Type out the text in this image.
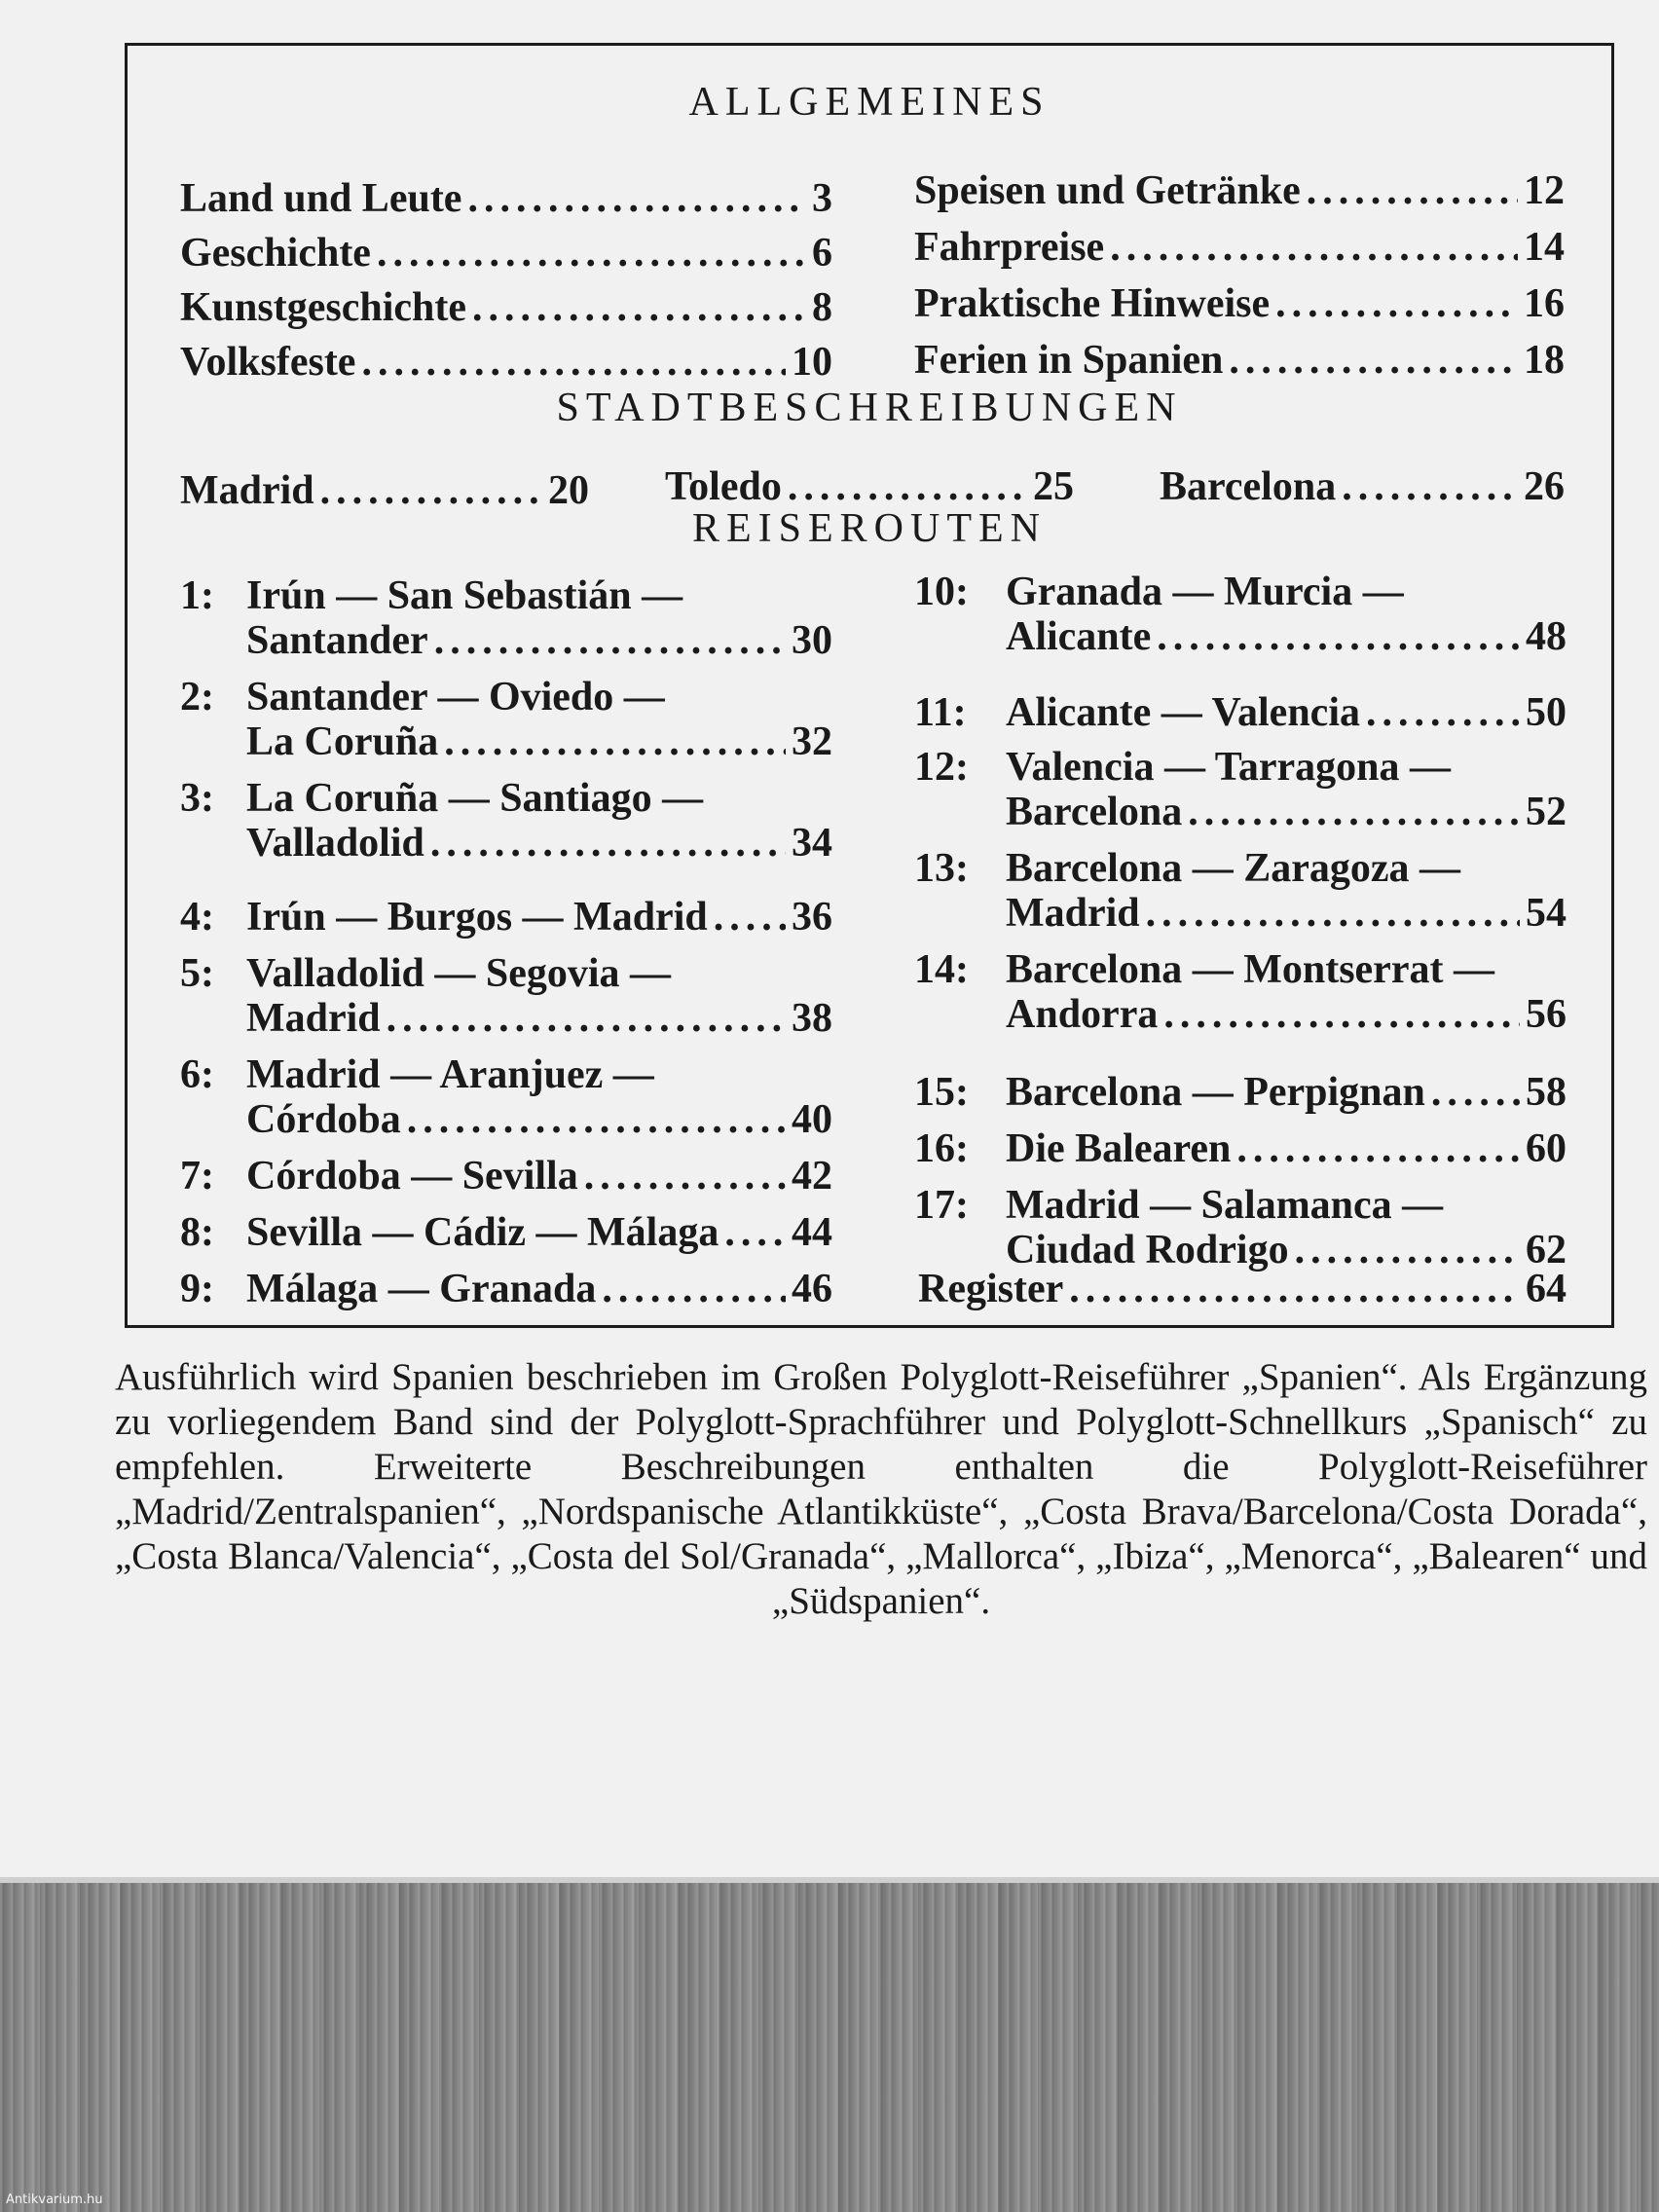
Antikvarium.hu
ALLGEMEINES
Land und Leute .....	3
Geschichte .....	6
Kunstgeschichte .....	8
Volksfeste .....	10
Speisen und Getränke .....	12
Fahrpreise .....	14
Praktische Hinweise .....	16
Ferien in Spanien .....	18
STADTBESCHREIBUNGEN
Madrid .....	20 Toledo .....	25 Barcelona .....	26
REISEROUTEN
1: Irún — San Sebastián —
Santander .....	30
2: Santander — Oviedo —
La Coruña .....	32
3: La Coruña — Santiago —
Valladolid .....	34
4: Irún — Burgos — Madrid ..... 36
5: Valladolid — Segovia —
Madrid .....	38
6: Madrid — Aranjuez —
Córdoba .....	40
7: Córdoba — Sevilla .....	42
8: Sevilla — Cádiz — Málaga ..... 44
9: Málaga — Granada .....	46
10: Granada — Murcia —
Alicante .....	48
11: Alicante — Valencia .....	50
12: Valencia — Tarragona —
Barcelona .....	52
13: Barcelona — Zaragoza —
Madrid .....	54
14: Barcelona — Montserrat —
Andorra .....	56
15: Barcelona — Perpignan ..... 58
16: Die Balearen .....	60
17: Madrid — Salamanca —
Ciudad Rodrigo .....	62
Register .....	64
Ausführlich wird Spanien beschrieben im Großen Polyglott-Reiseführer „Spanien“. Als Ergänzung zu vorliegendem Band sind der Polyglott-Sprachführer und Polyglott-Schnellkurs „Spanisch“ zu empfehlen. Erweiterte Beschreibungen enthalten die Polyglott-Reiseführer „Madrid/Zentralspanien“, „Nordspanische Atlantikküste“, „Costa Brava/Barcelona/Costa Dorada“, „Costa Blanca/Valencia“, „Costa del Sol/Granada“, „Mallorca“, „Ibiza“, „Menorca“, „Balearen“ und „Südspanien“.
